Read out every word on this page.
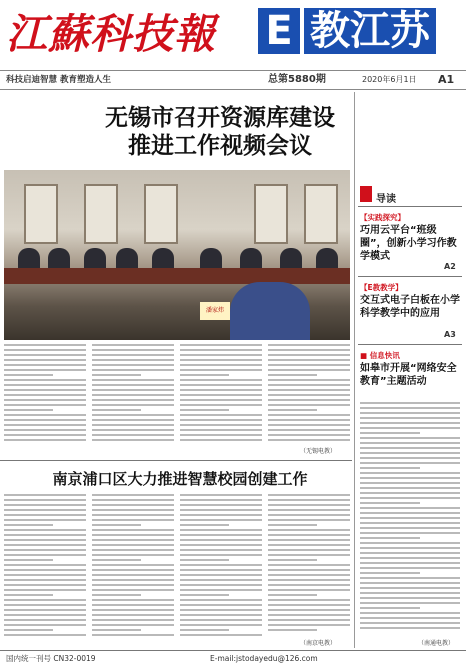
江蘇科技報 E 教江苏
科技启迪智慧 教育塑造人生	总第5880期	2020年6月1日 A1
无锡市召开资源库建设
推进工作视频会议
潘家炜
（无锡电教）
南京浦口区大力推进智慧校园创建工作
（南京电教）
导读
【实践探究】
巧用云平台“班级圈”，创新小学习作教学模式
A2
【E教教学】
交互式电子白板在小学科学教学中的应用
A3
■ 信息快讯
如皋市开展“网络安全教育”主题活动
（南通电教）
国内统一刊号 CN32-0019	E-mail:jstodayedu@126.com
